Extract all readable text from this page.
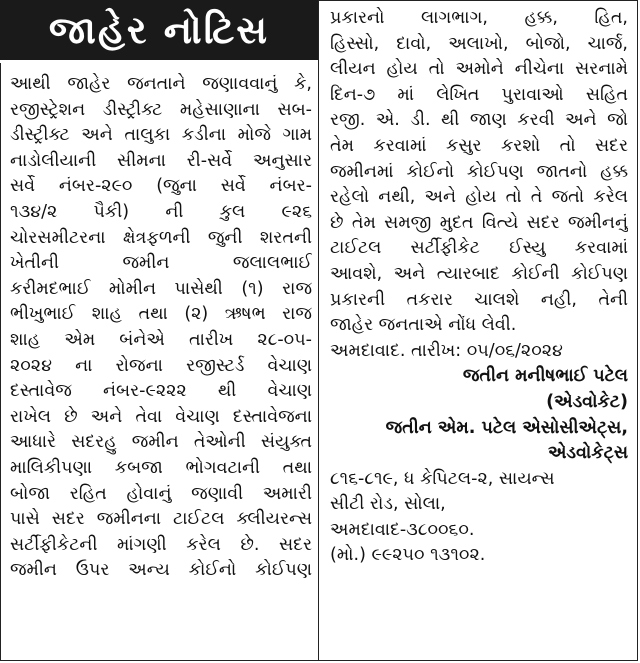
જાહેર નોટિસ
આથી જાહેર જનતાને જણાવવાનું કે,
રજીસ્ટ્રેશન ડીસ્ટ્રીક્ટ મહેસાણાના સબ-
ડીસ્ટ્રીક્ટ અને તાલુકા કડીના મોજે ગામ
નાડોલીયાની સીમના રી-સર્વે અનુસાર
સર્વે નંબર-૨૯૦ (જુના સર્વે નંબર-
૧૩૪/૨ પૈકી) ની કુલ ૯૨૬
ચોરસમીટરના ક્ષેત્રફળની જુની શરતની
ખેતીની જમીન જલાલભાઈ
કરીમદભાઈ મોમીન પાસેથી (૧) રાજ
ભીખુભાઈ શાહ તથા (૨) ઋષભ રાજ
શાહ એમ બંનેએ તારીખ ૨૮-૦૫-
૨૦૨૪ ના રોજના રજીસ્ટર્ડ વેચાણ
દસ્તાવેજ નંબર-૯૨૨૨ થી વેચાણ
રાખેલ છે અને તેવા વેચાણ દસ્તાવેજના
આધારે સદરહુ જમીન તેઓની સંયુક્ત
માલિકીપણા કબજા ભોગવટાની તથા
બોજા રહિત હોવાનું જણાવી અમારી
પાસે સદર જમીનના ટાઈટલ ક્લીયરન્સ
સર્ટીફીકેટની માંગણી કરેલ છે. સદર
જમીન ઉપર અન્ય કોઈનો કોઈપણ
પ્રકારનો લાગભાગ, હક્ક, હિત,
હિસ્સો, દાવો, અલાખો, બોજો, ચાર્જ,
લીયન હોય તો અમોને નીચેના સરનામે
દિન-૭ માં લેખિત પુરાવાઓ સહિત
રજી. એ. ડી. થી જાણ કરવી અને જો
તેમ કરવામાં કસુર કરશો તો સદર
જમીનમાં કોઈનો કોઈપણ જાતનો હક્ક
રહેલો નથી, અને હોય તો તે જતો કરેલ
છે તેમ સમજી મુદત વિત્યે સદર જમીનનું
ટાઈટલ સર્ટીફીકેટ ઈસ્યુ કરવામાં
આવશે, અને ત્યારબાદ કોઈની કોઈપણ
પ્રકારની તકરાર ચાલશે નહી, તેની
જાહેર જનતાએ નોંધ લેવી.
અમદાવાદ. તારીખ: ૦૫/૦૬/૨૦૨૪
જતીન મનીષભાઈ પટેલ
(એડવોકેટ)
જતીન એમ. પટેલ એસોસીએટ્સ,
એડવોકેટ્સ
૮૧૬-૮૧૯, ધ કેપિટલ-૨, સાયન્સ
સીટી રોડ, સોલા,
અમદાવાદ-૩૮૦૦૬૦.
(મો.) ૯૯૨૫૦ ૧૩૧૦૨.
